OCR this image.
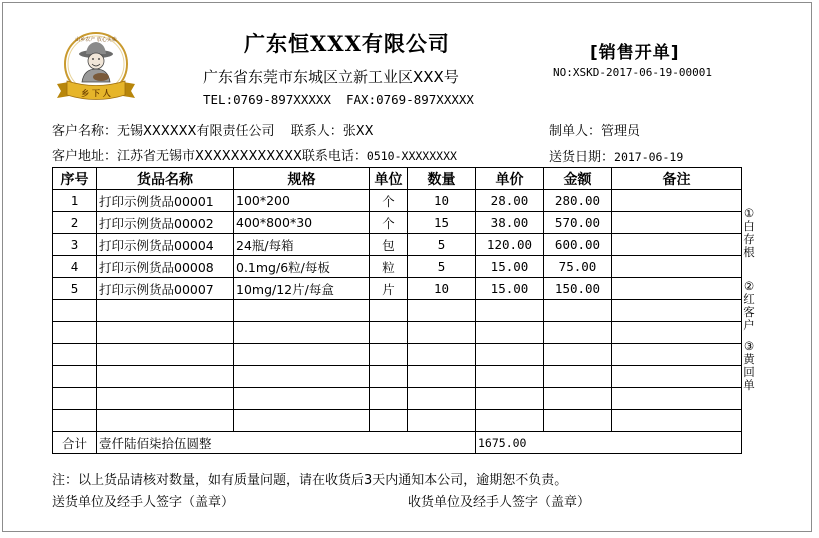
山乡农产 放心美味
乡 下 人
广东恒XXX有限公司
广东省东莞市东城区立新工业区XXX号
TEL:0769-897XXXXX  FAX:0769-897XXXXX
[销售开单]
NO:XSKD-2017-06-19-00001
客户名称：无锡XXXXXX有限责任公司 联系人：张XX
客户地址：江苏省无锡市XXXXXXXXXXXX联系电话：0510-XXXXXXXX
制单人：管理员
送货日期：2017-06-19
序号	货品名称	规格	单位	数量	单价	金额	备注
1	打印示例货品00001	100*200	个	10	28.00	280.00	
2	打印示例货品00002	400*800*30	个	15	38.00	570.00	
3	打印示例货品00004	24瓶/每箱	包	5	120.00	600.00	
4	打印示例货品00008	0.1mg/6粒/每板	粒	5	15.00	75.00	
5	打印示例货品00007	10mg/12片/每盒	片	10	15.00	150.00	

合计	壹仟陆佰柒拾伍圆整				1675.00		
①白存根
②红客户
③黄回单
注：以上货品请核对数量，如有质量问题，请在收货后3天内通知本公司，逾期恕不负责。
送货单位及经手人签字（盖章）	收货单位及经手人签字（盖章）
